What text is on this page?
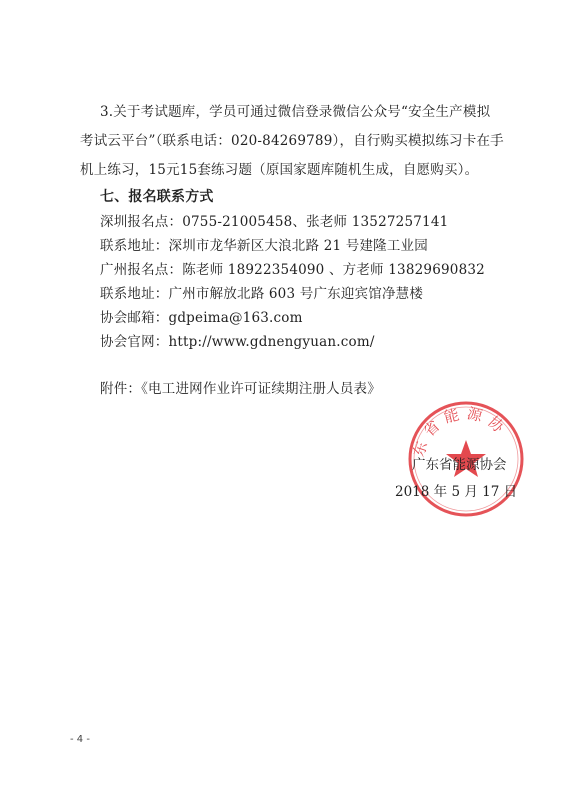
3.关于考试题库，学员可通过微信登录微信公众号“安全生产模拟
考试云平台”（联系电话：020-84269789），自行购买模拟练习卡在手
机上练习，15元15套练习题（原国家题库随机生成，自愿购买）。
七、报名联系方式
深圳报名点：0755-21005458、张老师 13527257141
联系地址：深圳市龙华新区大浪北路 21 号建隆工业园
广州报名点：陈老师 18922354090 、方老师 13829690832
联系地址：广州市解放北路 603 号广东迎宾馆净慧楼
协会邮箱：gdpeima@163.com
协会官网：http://www.gdnengyuan.com/
附件：《电工进网作业许可证续期注册人员表》
东省能源协
广东省能源协会
2018 年 5 月 17 日
- 4 -
